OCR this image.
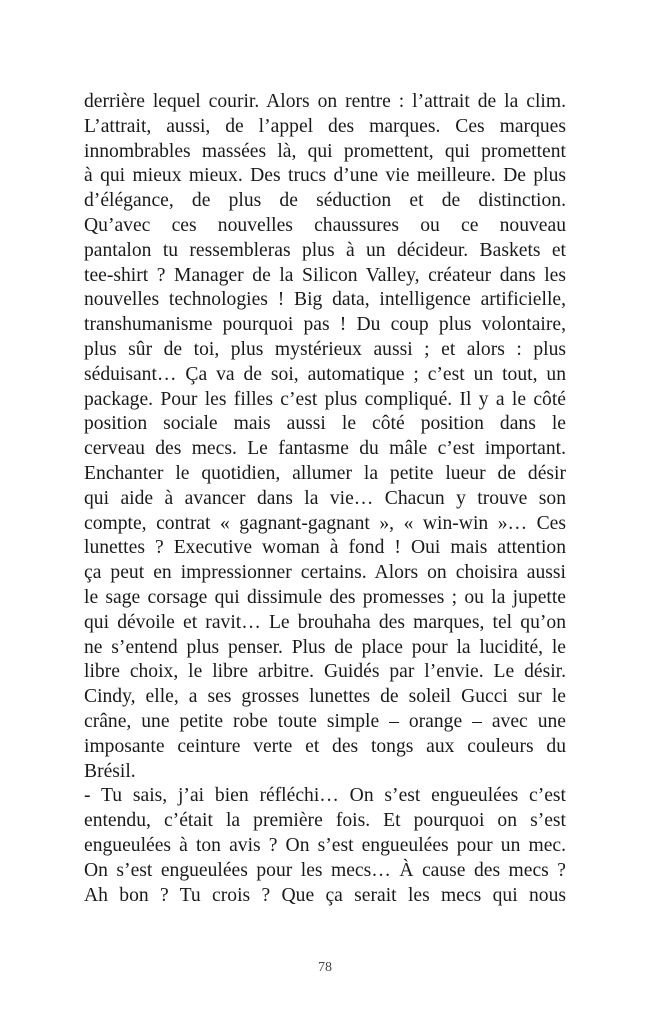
derrière lequel courir. Alors on rentre : l’attrait de la clim.
L’attrait, aussi, de l’appel des marques. Ces marques
innombrables massées là, qui promettent, qui promettent
à qui mieux mieux. Des trucs d’une vie meilleure. De plus
d’élégance, de plus de séduction et de distinction.
Qu’avec ces nouvelles chaussures ou ce nouveau
pantalon tu ressembleras plus à un décideur. Baskets et
tee-shirt ? Manager de la Silicon Valley, créateur dans les
nouvelles technologies ! Big data, intelligence artificielle,
transhumanisme pourquoi pas ! Du coup plus volontaire,
plus sûr de toi, plus mystérieux aussi ; et alors : plus
séduisant… Ça va de soi, automatique ; c’est un tout, un
package. Pour les filles c’est plus compliqué. Il y a le côté
position sociale mais aussi le côté position dans le
cerveau des mecs. Le fantasme du mâle c’est important.
Enchanter le quotidien, allumer la petite lueur de désir
qui aide à avancer dans la vie… Chacun y trouve son
compte, contrat « gagnant-gagnant », « win-win »… Ces
lunettes ? Executive woman à fond ! Oui mais attention
ça peut en impressionner certains. Alors on choisira aussi
le sage corsage qui dissimule des promesses ; ou la jupette
qui dévoile et ravit… Le brouhaha des marques, tel qu’on
ne s’entend plus penser. Plus de place pour la lucidité, le
libre choix, le libre arbitre. Guidés par l’envie. Le désir.
Cindy, elle, a ses grosses lunettes de soleil Gucci sur le
crâne, une petite robe toute simple – orange – avec une
imposante ceinture verte et des tongs aux couleurs du
Brésil.
- Tu sais, j’ai bien réfléchi… On s’est engueulées c’est
entendu, c’était la première fois. Et pourquoi on s’est
engueulées à ton avis ? On s’est engueulées pour un mec.
On s’est engueulées pour les mecs… À cause des mecs ?
Ah bon ? Tu crois ? Que ça serait les mecs qui nous
78
